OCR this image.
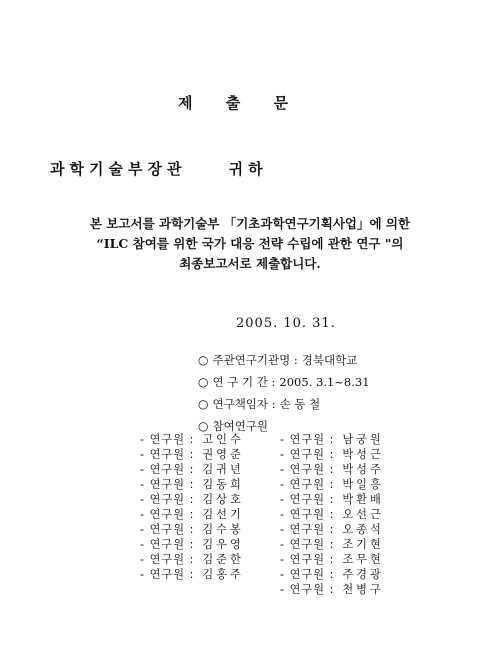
제 출 문
과학기술부장관	귀하
본 보고서를 과학기술부 「기초과학연구기획사업」에 의한
“ILC 참여를 위한 국가 대응 전략 수립에 관한 연구 "의
최종보고서로 제출합니다.
2005. 10. 31.
○ 주관연구기관명 : 경북대학교
○ 연 구 기 간 : 2005. 3.1~8.31
○ 연구책임자 : 손 동 철
○ 참여연구원
- 연구원 : 고인수	- 연구원 : 남궁원
- 연구원 : 권영준	- 연구원 : 박성근
- 연구원 : 김귀년	- 연구원 : 박성주
- 연구원 : 김동희	- 연구원 : 박일흥
- 연구원 : 김상호	- 연구원 : 박환배
- 연구원 : 김선기	- 연구원 : 오선근
- 연구원 : 김수봉	- 연구원 : 오종석
- 연구원 : 김우영	- 연구원 : 조기현
- 연구원 : 김준한	- 연구원 : 조무현
- 연구원 : 김홍주	- 연구원 : 주경광
- 연구원 : 천병구
